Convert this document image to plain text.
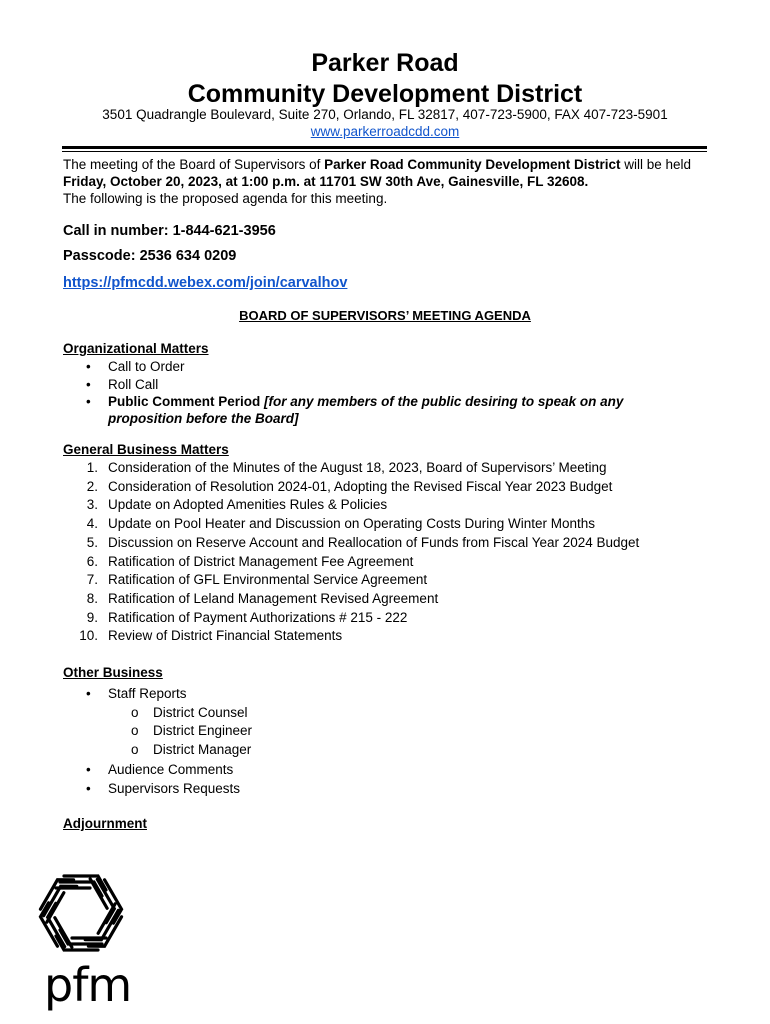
Parker Road
Community Development District
3501 Quadrangle Boulevard, Suite 270, Orlando, FL 32817, 407-723-5900, FAX 407-723-5901
www.parkerroadcdd.com
The meeting of the Board of Supervisors of Parker Road Community Development District will be held Friday, October 20, 2023, at 1:00 p.m. at 11701 SW 30th Ave, Gainesville, FL 32608.
The following is the proposed agenda for this meeting.
Call in number: 1-844-621-3956
Passcode: 2536 634 0209
https://pfmcdd.webex.com/join/carvalhov
BOARD OF SUPERVISORS’ MEETING AGENDA
Organizational Matters
• Call to Order
• Roll Call
• Public Comment Period [for any members of the public desiring to speak on any
proposition before the Board]
General Business Matters
1. Consideration of the Minutes of the August 18, 2023, Board of Supervisors’ Meeting
2. Consideration of Resolution 2024-01, Adopting the Revised Fiscal Year 2023 Budget
3. Update on Adopted Amenities Rules & Policies
4. Update on Pool Heater and Discussion on Operating Costs During Winter Months
5. Discussion on Reserve Account and Reallocation of Funds from Fiscal Year 2024 Budget
6. Ratification of District Management Fee Agreement
7. Ratification of GFL Environmental Service Agreement
8. Ratification of Leland Management Revised Agreement
9. Ratification of Payment Authorizations # 215 - 222
10. Review of District Financial Statements
Other Business
• Staff Reports
o District Counsel
o District Engineer
o District Manager
• Audience Comments
• Supervisors Requests
Adjournment
pfm
